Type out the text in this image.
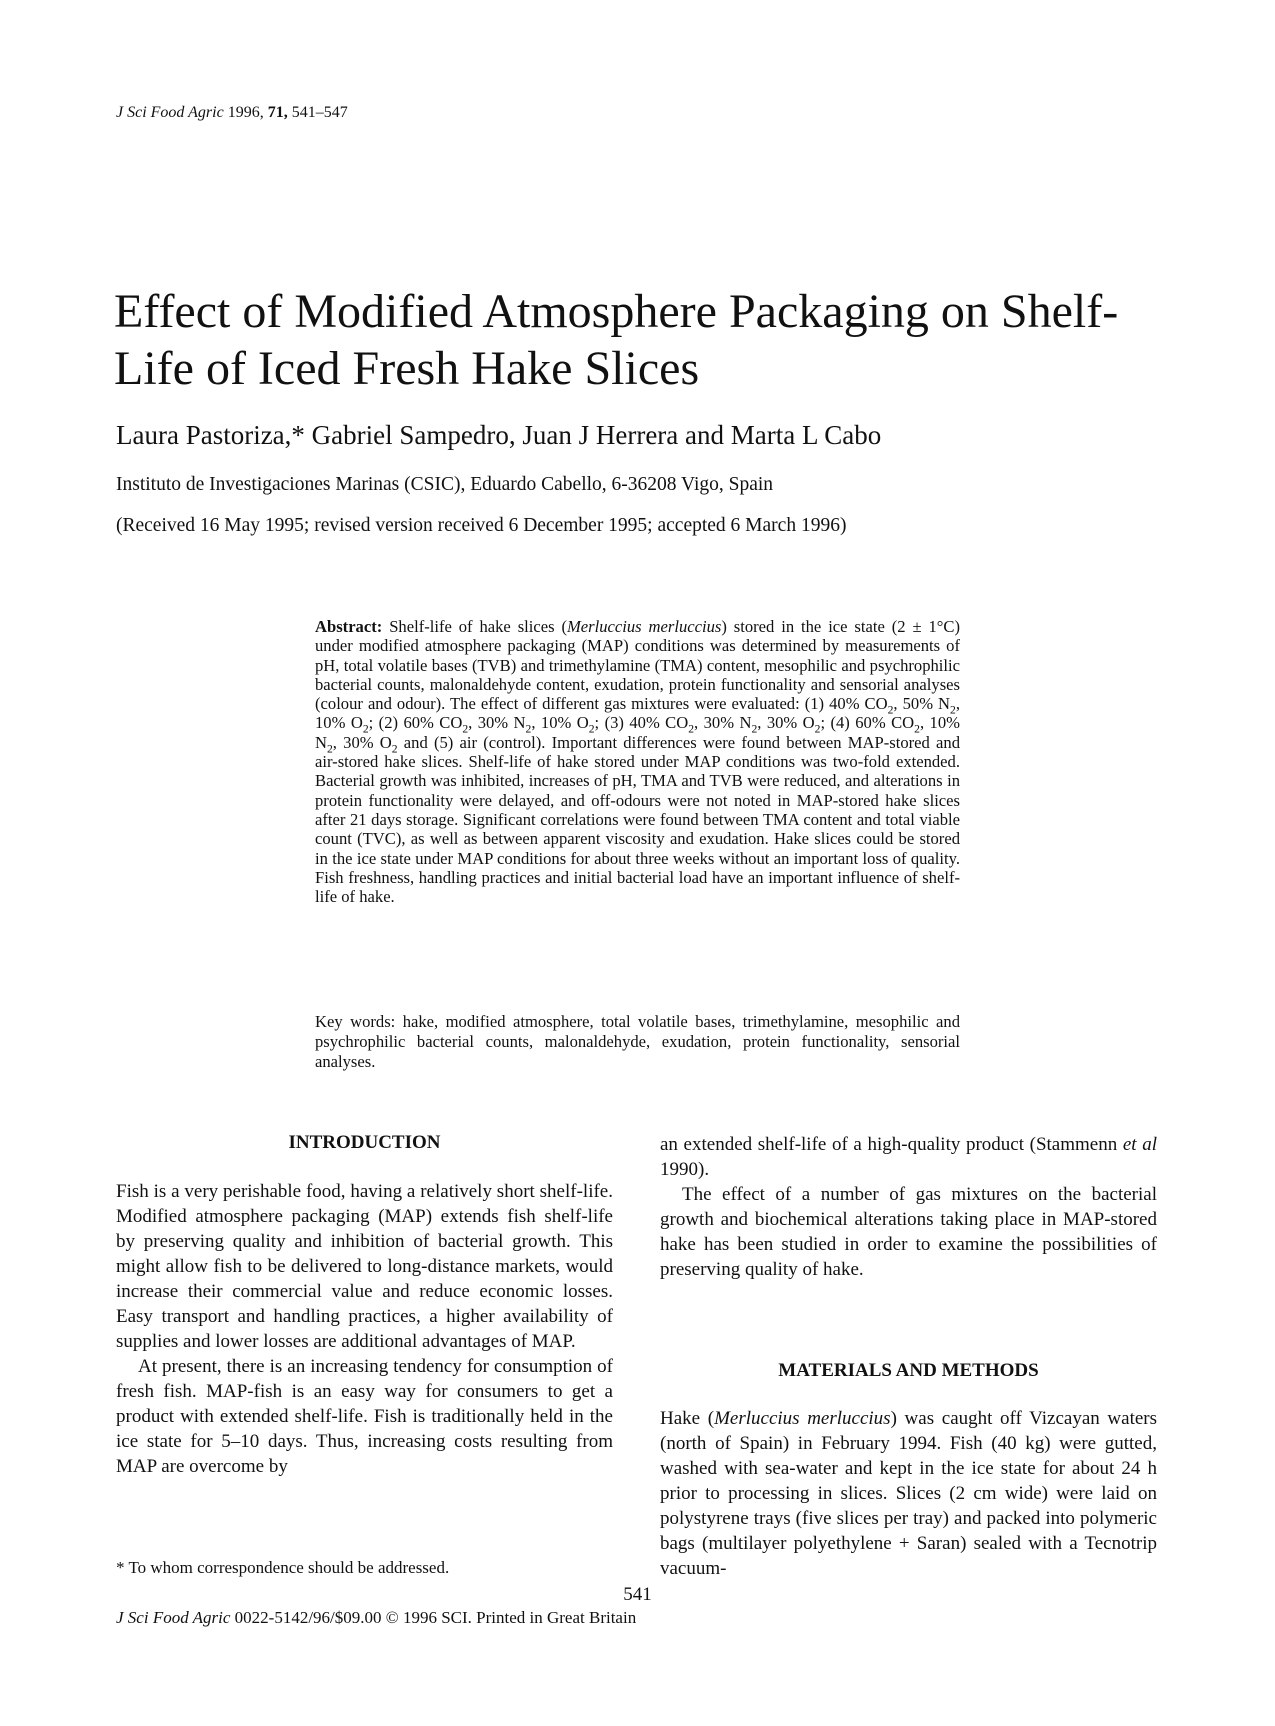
J Sci Food Agric 1996, 71, 541–547
Effect of Modified Atmosphere Packaging on Shelf-Life of Iced Fresh Hake Slices
Laura Pastoriza,* Gabriel Sampedro, Juan J Herrera and Marta L Cabo
Instituto de Investigaciones Marinas (CSIC), Eduardo Cabello, 6-36208 Vigo, Spain
(Received 16 May 1995; revised version received 6 December 1995; accepted 6 March 1996)
Abstract: Shelf-life of hake slices (Merluccius merluccius) stored in the ice state (2 ± 1°C) under modified atmosphere packaging (MAP) conditions was determined by measurements of pH, total volatile bases (TVB) and trimethylamine (TMA) content, mesophilic and psychrophilic bacterial counts, malonaldehyde content, exudation, protein functionality and sensorial analyses (colour and odour). The effect of different gas mixtures were evaluated: (1) 40% $CO_2$, 50% $N_2$, 10% $O_2$; (2) 60% $CO_2$, 30% $N_2$, 10% $O_2$; (3) 40% $CO_2$, 30% $N_2$, 30% $O_2$; (4) 60% $CO_2$, 10% $N_2$, 30% $O_2$ and (5) air (control). Important differences were found between MAP-stored and air-stored hake slices. Shelf-life of hake stored under MAP conditions was two-fold extended. Bacterial growth was inhibited, increases of pH, TMA and TVB were reduced, and alterations in protein functionality were delayed, and off-odours were not noted in MAP-stored hake slices after 21 days storage. Significant correlations were found between TMA content and total viable count (TVC), as well as between apparent viscosity and exudation. Hake slices could be stored in the ice state under MAP conditions for about three weeks without an important loss of quality. Fish freshness, handling practices and initial bacterial load have an important influence of shelf-life of hake.
Key words: hake, modified atmosphere, total volatile bases, trimethylamine, mesophilic and psychrophilic bacterial counts, malonaldehyde, exudation, protein functionality, sensorial analyses.
INTRODUCTION

Fish is a very perishable food, having a relatively short shelf-life. Modified atmosphere packaging (MAP) extends fish shelf-life by preserving quality and inhibition of bacterial growth. This might allow fish to be delivered to long-distance markets, would increase their commercial value and reduce economic losses. Easy transport and handling practices, a higher availability of supplies and lower losses are additional advantages of MAP.

At present, there is an increasing tendency for consumption of fresh fish. MAP-fish is an easy way for consumers to get a product with extended shelf-life. Fish is traditionally held in the ice state for 5–10 days. Thus, increasing costs resulting from MAP are overcome by

an extended shelf-life of a high-quality product (Stammenn et al 1990).

The effect of a number of gas mixtures on the bacterial growth and biochemical alterations taking place in MAP-stored hake has been studied in order to examine the possibilities of preserving quality of hake.

MATERIALS AND METHODS

Hake (Merluccius merluccius) was caught off Vizcayan waters (north of Spain) in February 1994. Fish (40 kg) were gutted, washed with sea-water and kept in the ice state for about 24 h prior to processing in slices. Slices (2 cm wide) were laid on polystyrene trays (five slices per tray) and packed into polymeric bags (multilayer polyethylene + Saran) sealed with a Tecnotrip vacuum-

* To whom correspondence should be addressed.
541
J Sci Food Agric 0022-5142/96/$09.00 © 1996 SCI. Printed in Great Britain
